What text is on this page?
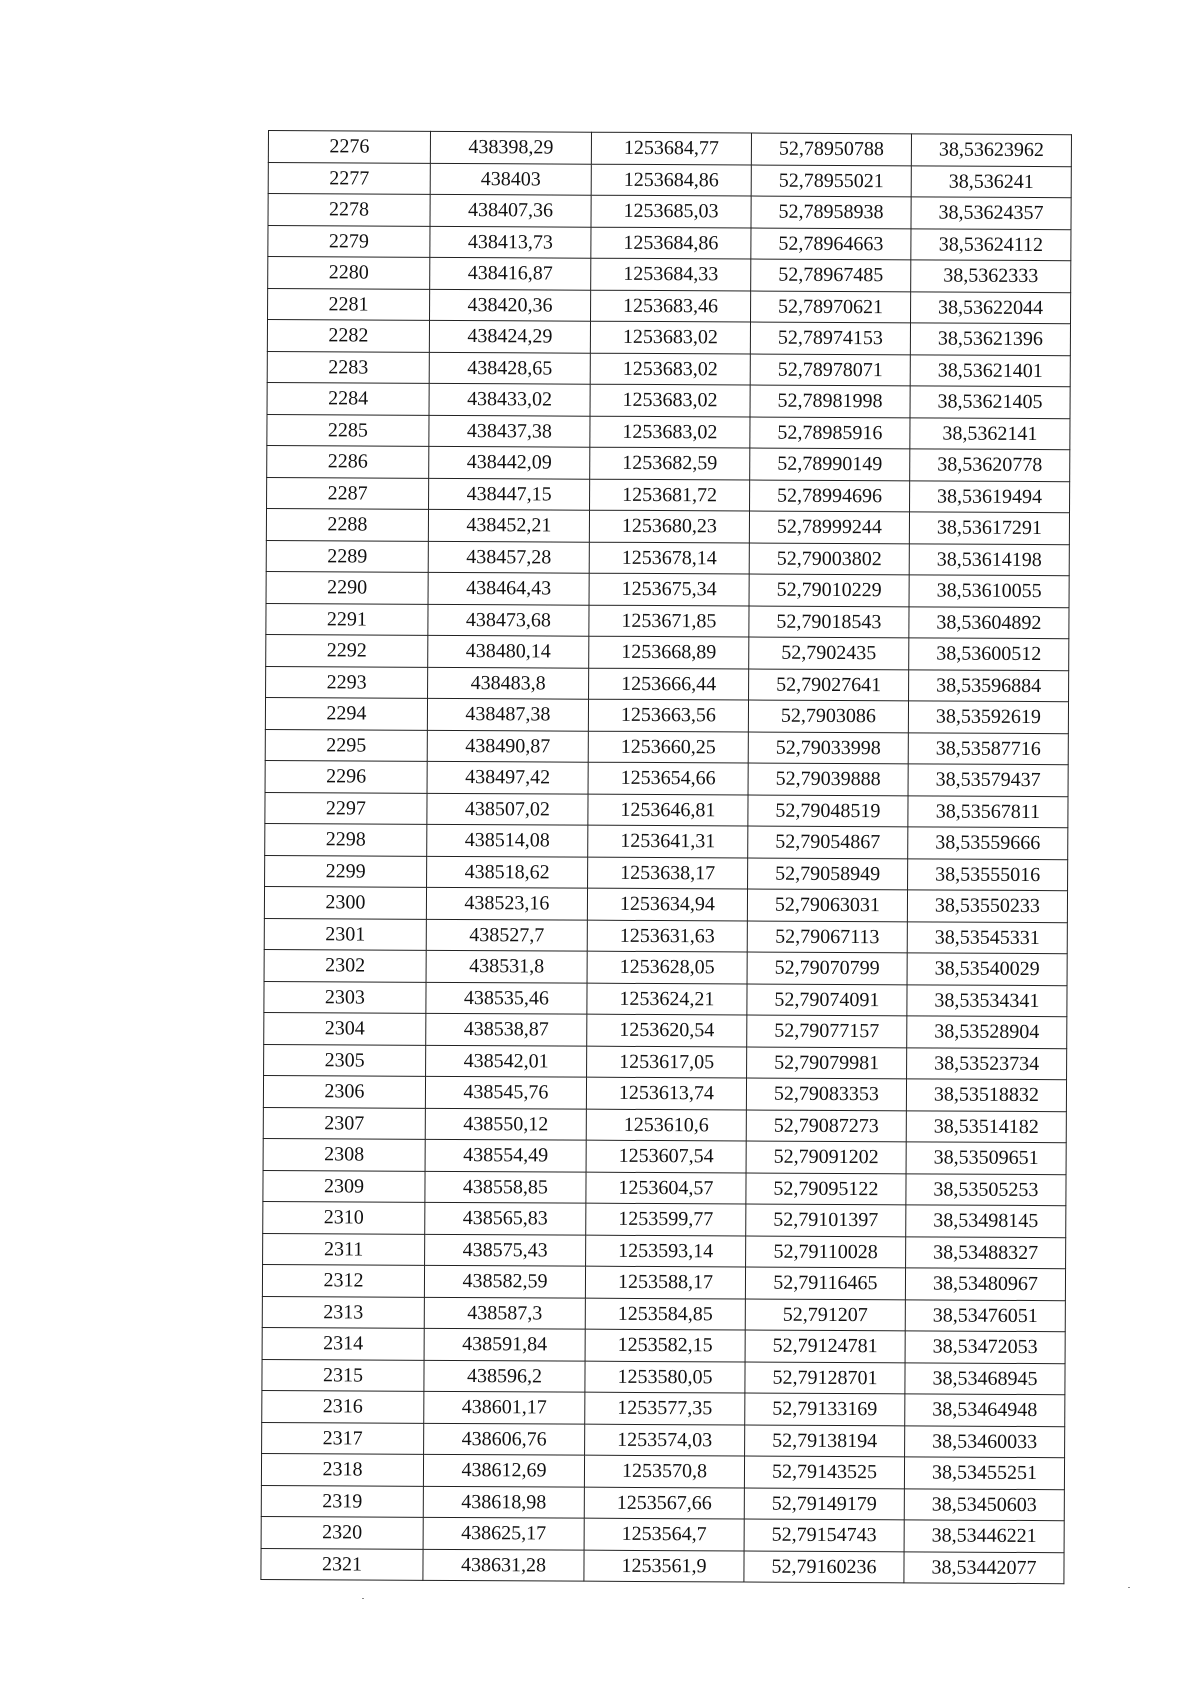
2276	438398,29	1253684,77	52,78950788	38,53623962
2277	438403	1253684,86	52,78955021	38,536241
2278	438407,36	1253685,03	52,78958938	38,53624357
2279	438413,73	1253684,86	52,78964663	38,53624112
2280	438416,87	1253684,33	52,78967485	38,5362333
2281	438420,36	1253683,46	52,78970621	38,53622044
2282	438424,29	1253683,02	52,78974153	38,53621396
2283	438428,65	1253683,02	52,78978071	38,53621401
2284	438433,02	1253683,02	52,78981998	38,53621405
2285	438437,38	1253683,02	52,78985916	38,5362141
2286	438442,09	1253682,59	52,78990149	38,53620778
2287	438447,15	1253681,72	52,78994696	38,53619494
2288	438452,21	1253680,23	52,78999244	38,53617291
2289	438457,28	1253678,14	52,79003802	38,53614198
2290	438464,43	1253675,34	52,79010229	38,53610055
2291	438473,68	1253671,85	52,79018543	38,53604892
2292	438480,14	1253668,89	52,7902435	38,53600512
2293	438483,8	1253666,44	52,79027641	38,53596884
2294	438487,38	1253663,56	52,7903086	38,53592619
2295	438490,87	1253660,25	52,79033998	38,53587716
2296	438497,42	1253654,66	52,79039888	38,53579437
2297	438507,02	1253646,81	52,79048519	38,53567811
2298	438514,08	1253641,31	52,79054867	38,53559666
2299	438518,62	1253638,17	52,79058949	38,53555016
2300	438523,16	1253634,94	52,79063031	38,53550233
2301	438527,7	1253631,63	52,79067113	38,53545331
2302	438531,8	1253628,05	52,79070799	38,53540029
2303	438535,46	1253624,21	52,79074091	38,53534341
2304	438538,87	1253620,54	52,79077157	38,53528904
2305	438542,01	1253617,05	52,79079981	38,53523734
2306	438545,76	1253613,74	52,79083353	38,53518832
2307	438550,12	1253610,6	52,79087273	38,53514182
2308	438554,49	1253607,54	52,79091202	38,53509651
2309	438558,85	1253604,57	52,79095122	38,53505253
2310	438565,83	1253599,77	52,79101397	38,53498145
2311	438575,43	1253593,14	52,79110028	38,53488327
2312	438582,59	1253588,17	52,79116465	38,53480967
2313	438587,3	1253584,85	52,791207	38,53476051
2314	438591,84	1253582,15	52,79124781	38,53472053
2315	438596,2	1253580,05	52,79128701	38,53468945
2316	438601,17	1253577,35	52,79133169	38,53464948
2317	438606,76	1253574,03	52,79138194	38,53460033
2318	438612,69	1253570,8	52,79143525	38,53455251
2319	438618,98	1253567,66	52,79149179	38,53450603
2320	438625,17	1253564,7	52,79154743	38,53446221
2321	438631,28	1253561,9	52,79160236	38,53442077
